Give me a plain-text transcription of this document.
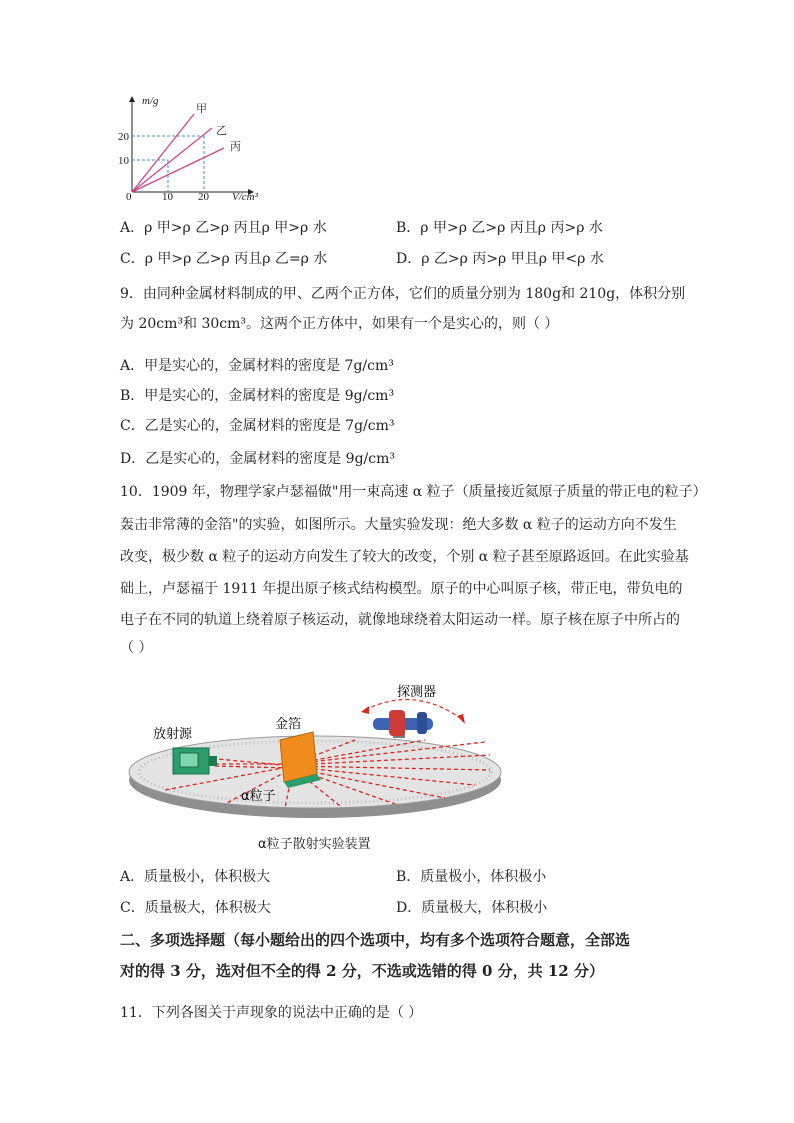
m/g
0	10 20
20
10
V/cm³
甲
乙
丙
A．ρ 甲>ρ 乙>ρ 丙且ρ 甲>ρ 水	B．ρ 甲>ρ 乙>ρ 丙且ρ 丙>ρ 水
C．ρ 甲>ρ 乙>ρ 丙且ρ 乙=ρ 水	D．ρ 乙>ρ 丙>ρ 甲且ρ 甲<ρ 水
9．由同种金属材料制成的甲、乙两个正方体，它们的质量分别为 180g和 210g，体积分别
为 20cm³和 30cm³。这两个正方体中，如果有一个是实心的，则（ ）
A．甲是实心的，金属材料的密度是 7g/cm³
B．甲是实心的，金属材料的密度是 9g/cm³
C．乙是实心的，金属材料的密度是 7g/cm³
D．乙是实心的，金属材料的密度是 9g/cm³
10．1909 年，物理学家卢瑟福做"用一束高速 α 粒子（质量接近氦原子质量的带正电的粒子）
轰击非常薄的金箔"的实验，如图所示。大量实验发现：绝大多数 α 粒子的运动方向不发生
改变，极少数 α 粒子的运动方向发生了较大的改变，个别 α 粒子甚至原路返回。在此实验基
础上，卢瑟福于 1911 年提出原子核式结构模型。原子的中心叫原子核，带正电，带负电的
电子在不同的轨道上绕着原子核运动，就像地球绕着太阳运动一样。原子核在原子中所占的
（ ）
探测器
金箔
放射源
α粒子
α粒子散射实验装置
A．质量极小，体积极大	B．质量极小，体积极小
C．质量极大，体积极大	D．质量极大，体积极小
二、多项选择题（每小题给出的四个选项中，均有多个选项符合题意，全部选
对的得 3 分，选对但不全的得 2 分，不选或选错的得 0 分，共 12 分）
11．下列各图关于声现象的说法中正确的是（ ）
